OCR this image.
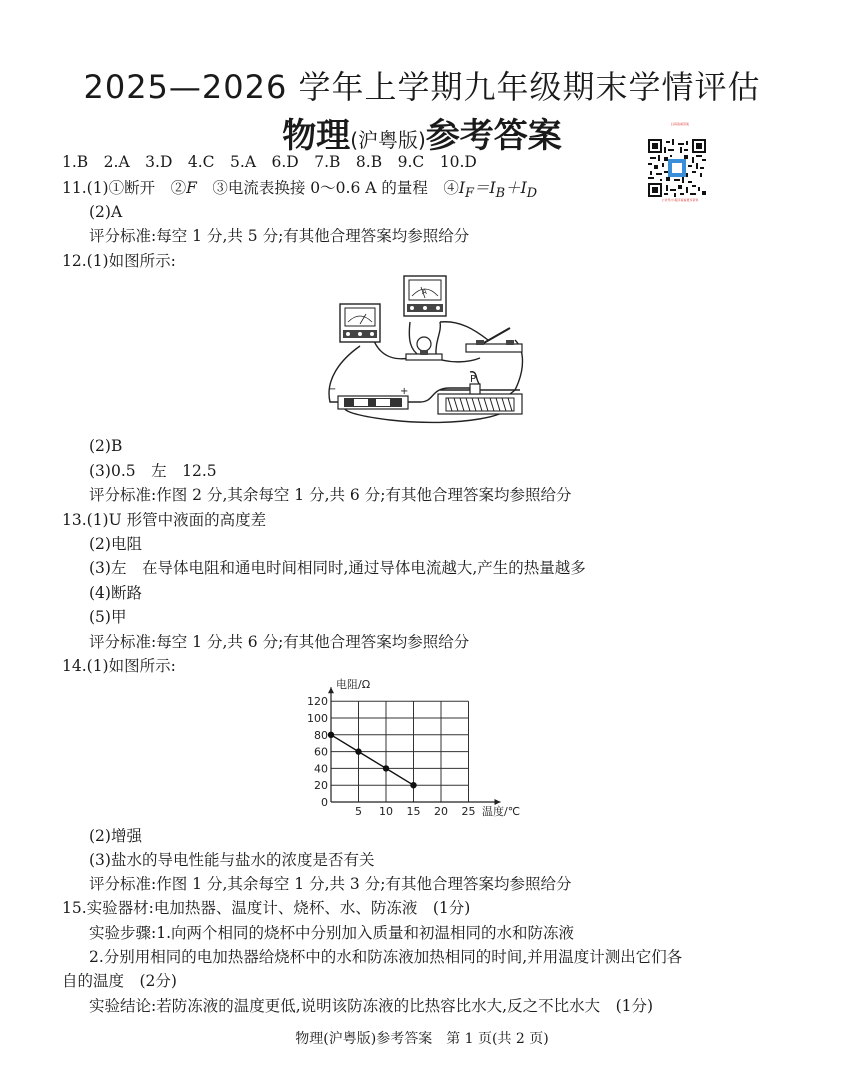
2025—2026 学年上学期九年级期末学情评估
物理(沪粤版)参考答案	扫码查看答案
公众号/小程序查看更多资料
1.B　2.A　3.D　4.C　5.A　6.D　7.B　8.B　9.C　10.D
11.(1)①断开　②F　③电流表换接 0～0.6 A 的量程　$④I_F=I_B+I_D$
(2)A
评分标准:每空 1 分,共 5 分;有其他合理答案均参照给分
12.(1)如图所示:
A
−	+
P
(2)B
(3)0.5　左　12.5
评分标准:作图 2 分,其余每空 1 分,共 6 分;有其他合理答案均参照给分
13.(1)U 形管中液面的高度差
(2)电阻
(3)左　在导体电阻和通电时间相同时,通过导体电流越大,产生的热量越多
(4)断路
(5)甲
评分标准:每空 1 分,共 6 分;有其他合理答案均参照给分
14.(1)如图所示:
5 10 15 20 25
0
20
40
60
80
100
120
电阻/Ω
温度/℃
(2)增强
(3)盐水的导电性能与盐水的浓度是否有关
评分标准:作图 1 分,其余每空 1 分,共 3 分;有其他合理答案均参照给分
15.实验器材:电加热器、温度计、烧杯、水、防冻液　(1分)
实验步骤:1.向两个相同的烧杯中分别加入质量和初温相同的水和防冻液
2.分别用相同的电加热器给烧杯中的水和防冻液加热相同的时间,并用温度计测出它们各
自的温度　(2分)
实验结论:若防冻液的温度更低,说明该防冻液的比热容比水大,反之不比水大　(1分)
物理(沪粤版)参考答案　第 1 页(共 2 页)
